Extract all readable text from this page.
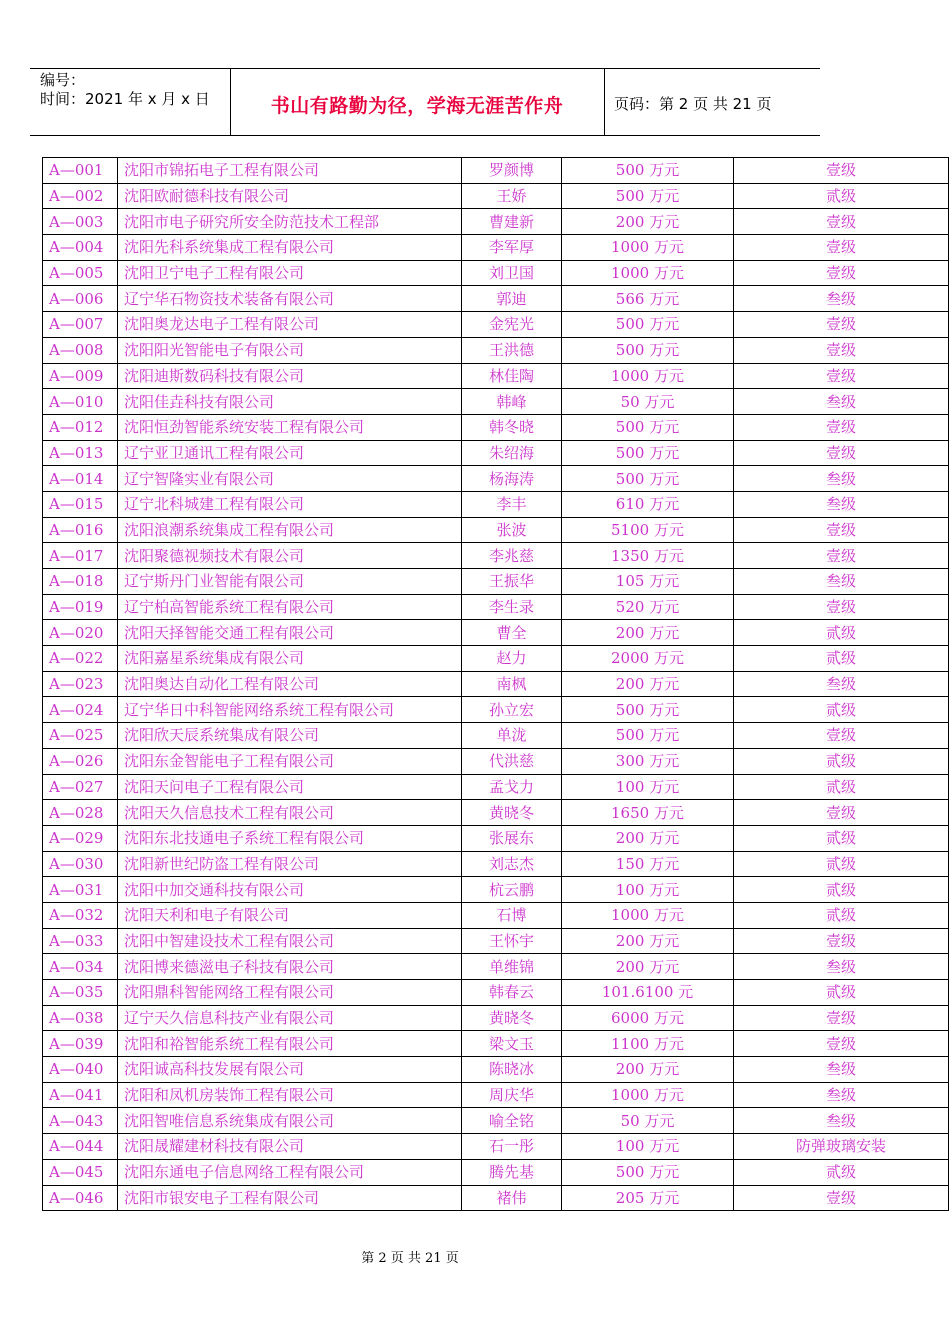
编号：
时间：2021 年 x 月 x 日	书山有路勤为径，学海无涯苦作舟	页码：第 2 页 共 21 页
A—001	沈阳市锦拓电子工程有限公司	罗颜博	500 万元	壹级
A—002	沈阳欧耐德科技有限公司	王娇	500 万元	贰级
A—003	沈阳市电子研究所安全防范技术工程部	曹建新	200 万元	壹级
A—004	沈阳先科系统集成工程有限公司	李军厚	1000 万元	壹级
A—005	沈阳卫宁电子工程有限公司	刘卫国	1000 万元	壹级
A—006	辽宁华石物资技术装备有限公司	郭迪	566 万元	叁级
A—007	沈阳奥龙达电子工程有限公司	金宪光	500 万元	壹级
A—008	沈阳阳光智能电子有限公司	王洪德	500 万元	壹级
A—009	沈阳迪斯数码科技有限公司	林佳陶	1000 万元	壹级
A—010	沈阳佳垚科技有限公司	韩峰	50 万元	叁级
A—012	沈阳恒劲智能系统安装工程有限公司	韩冬晓	500 万元	壹级
A—013	辽宁亚卫通讯工程有限公司	朱绍海	500 万元	壹级
A—014	辽宁智隆实业有限公司	杨海涛	500 万元	叁级
A—015	辽宁北科城建工程有限公司	李丰	610 万元	叁级
A—016	沈阳浪潮系统集成工程有限公司	张波	5100 万元	壹级
A—017	沈阳聚德视频技术有限公司	李兆慈	1350 万元	壹级
A—018	辽宁斯丹门业智能有限公司	王振华	105 万元	叁级
A—019	辽宁柏高智能系统工程有限公司	李生录	520 万元	壹级
A—020	沈阳天择智能交通工程有限公司	曹全	200 万元	贰级
A—022	沈阳嘉星系统集成有限公司	赵力	2000 万元	贰级
A—023	沈阳奥达自动化工程有限公司	南枫	200 万元	叁级
A—024	辽宁华日中科智能网络系统工程有限公司	孙立宏	500 万元	贰级
A—025	沈阳欣天辰系统集成有限公司	单泷	500 万元	壹级
A—026	沈阳东金智能电子工程有限公司	代洪慈	300 万元	贰级
A—027	沈阳天问电子工程有限公司	孟戈力	100 万元	贰级
A—028	沈阳天久信息技术工程有限公司	黄晓冬	1650 万元	壹级
A—029	沈阳东北技通电子系统工程有限公司	张展东	200 万元	贰级
A—030	沈阳新世纪防盗工程有限公司	刘志杰	150 万元	贰级
A—031	沈阳中加交通科技有限公司	杭云鹏	100 万元	贰级
A—032	沈阳天利和电子有限公司	石博	1000 万元	贰级
A—033	沈阳中智建设技术工程有限公司	王怀宇	200 万元	壹级
A—034	沈阳博来德滋电子科技有限公司	单维锦	200 万元	叁级
A—035	沈阳鼎科智能网络工程有限公司	韩春云	101.6100 元	贰级
A—038	辽宁天久信息科技产业有限公司	黄晓冬	6000 万元	壹级
A—039	沈阳和裕智能系统工程有限公司	梁文玉	1100 万元	壹级
A—040	沈阳诚高科技发展有限公司	陈晓冰	200 万元	叁级
A—041	沈阳和凤机房装饰工程有限公司	周庆华	1000 万元	叁级
A—043	沈阳智唯信息系统集成有限公司	喻全铭	50 万元	叁级
A—044	沈阳晟耀建材科技有限公司	石一彤	100 万元	防弹玻璃安装
A—045	沈阳东通电子信息网络工程有限公司	腾先基	500 万元	贰级
A—046	沈阳市银安电子工程有限公司	褚伟	205 万元	壹级
第 2 页 共 21 页
